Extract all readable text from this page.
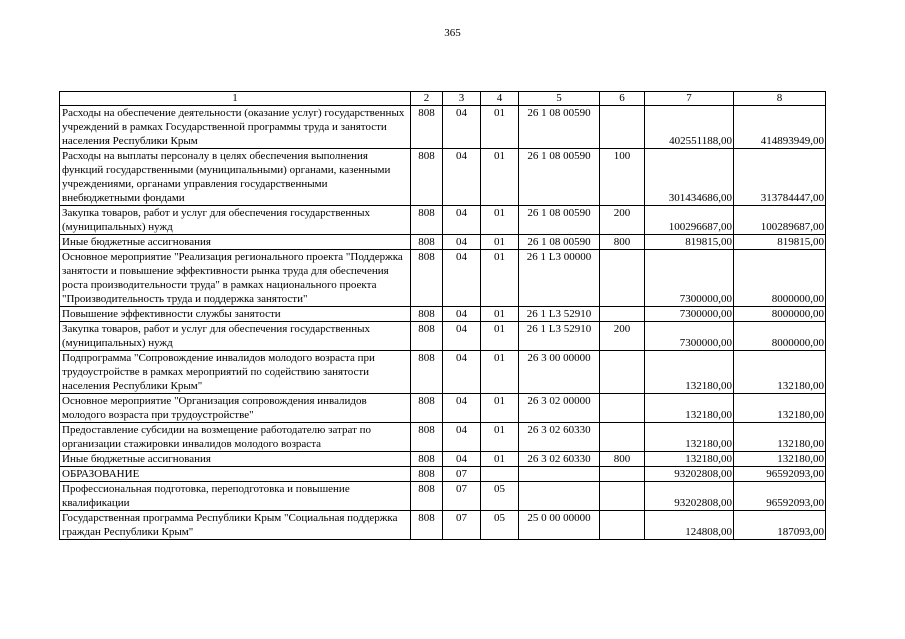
365
1	2	3	4	5	6	7	8
Расходы на обеспечение деятельности (оказание услуг) государственных учреждений в рамках Государственной программы труда и занятости населения Республики Крым	808	04	01	26 1 08 00590		402551188,00	414893949,00
Расходы на выплаты персоналу в целях обеспечения выполнения функций государственными (муниципальными) органами, казенными учреждениями, органами управления государственными внебюджетными фондами	808	04	01	26 1 08 00590	100	301434686,00	313784447,00
Закупка товаров, работ и услуг для обеспечения государственных (муниципальных) нужд	808	04	01	26 1 08 00590	200	100296687,00	100289687,00
Иные бюджетные ассигнования	808	04	01	26 1 08 00590	800	819815,00	819815,00
Основное мероприятие "Реализация регионального проекта "Поддержка занятости и повышение эффективности рынка труда для обеспечения роста производительности труда" в рамках национального проекта "Производительность труда и поддержка занятости"	808	04	01	26 1 L3 00000		7300000,00	8000000,00
Повышение эффективности службы занятости	808	04	01	26 1 L3 52910		7300000,00	8000000,00
Закупка товаров, работ и услуг для обеспечения государственных (муниципальных) нужд	808	04	01	26 1 L3 52910	200	7300000,00	8000000,00
Подпрограмма "Сопровождение инвалидов молодого возраста при трудоустройстве в рамках мероприятий по содействию занятости населения Республики Крым"	808	04	01	26 3 00 00000		132180,00	132180,00
Основное мероприятие "Организация сопровождения инвалидов молодого возраста при трудоустройстве"	808	04	01	26 3 02 00000		132180,00	132180,00
Предоставление субсидии на возмещение работодателю затрат по организации стажировки инвалидов молодого возраста	808	04	01	26 3 02 60330		132180,00	132180,00
Иные бюджетные ассигнования	808	04	01	26 3 02 60330	800	132180,00	132180,00
ОБРАЗОВАНИЕ	808	07				93202808,00	96592093,00
Профессиональная подготовка, переподготовка и повышение квалификации	808	07	05			93202808,00	96592093,00
Государственная программа Республики Крым "Социальная поддержка граждан Республики Крым"	808	07	05	25 0 00 00000		124808,00	187093,00
